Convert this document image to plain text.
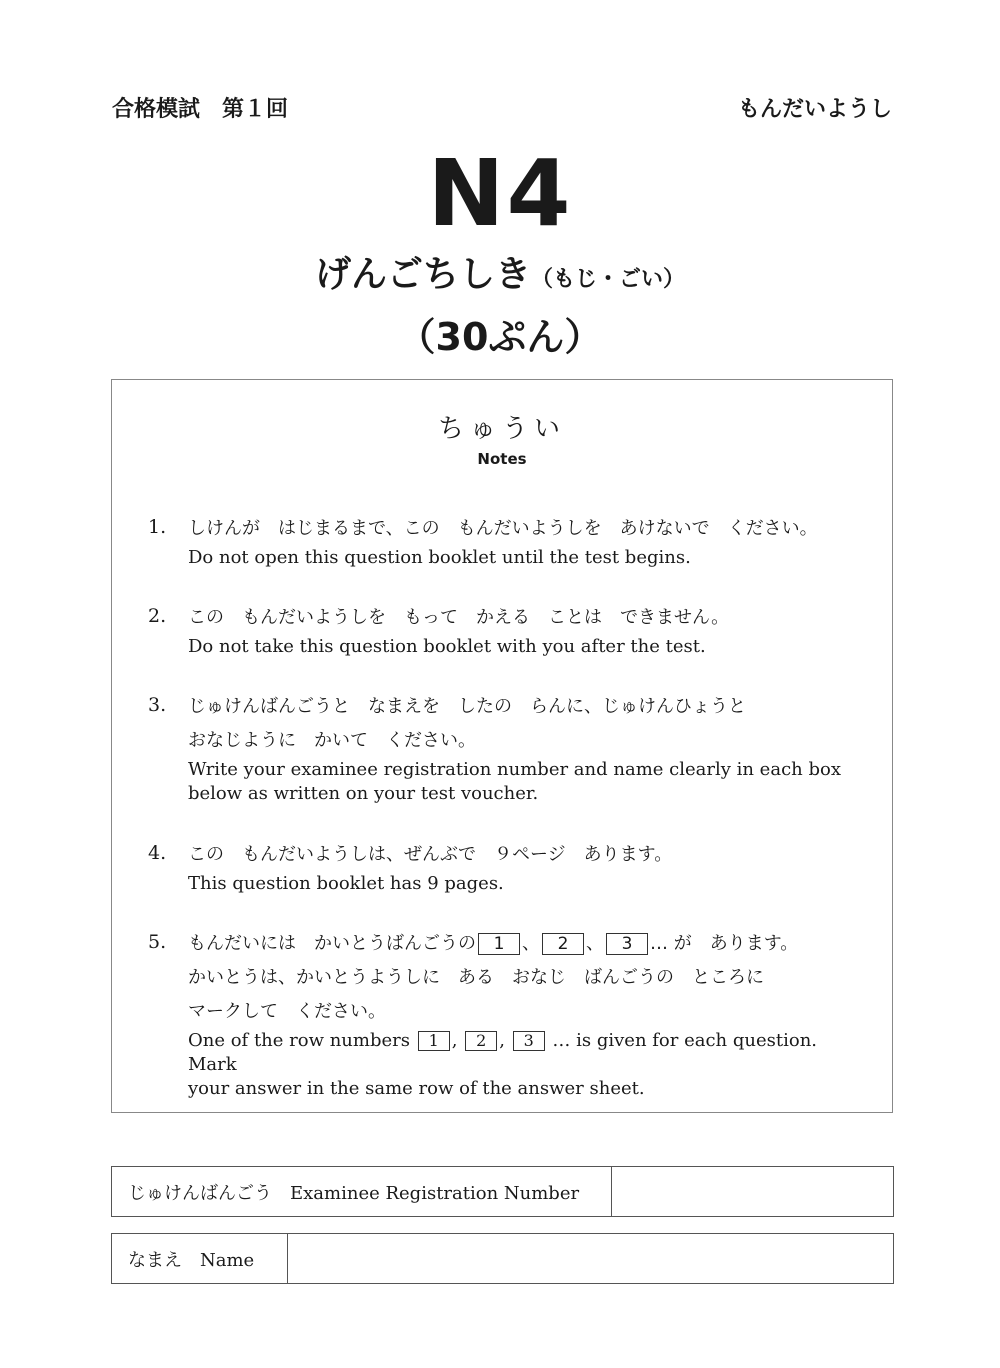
合格模試　第１回	もんだいようし
N4
げんごちしき（もじ・ごい）
（30ぷん）
ちゅうい
Notes
1. しけんが　はじまるまで、この　もんだいようしを　あけないで　ください。

Do not open this question booklet until the test begins.

2. この　もんだいようしを　もって　かえる　ことは　できません。

Do not take this question booklet with you after the test.

3. じゅけんばんごうと　なまえを　したの　らんに、じゅけんひょうと

おなじように　かいて　ください。

Write your examinee registration number and name clearly in each box below as written on your test voucher.

4. この　もんだいようしは、ぜんぶで　９ページ　あります。

This question booklet has 9 pages.

5. もんだいには　かいとうばんごうの 1 、 2 、 3 … が　あります。

かいとうは、かいとうようしに　ある　おなじ　ばんごうの　ところに

マークして　ください。

One of the row numbers 1 , 2 , 3 … is given for each question. Mark

your answer in the same row of the answer sheet.

じゅけんばんごう　Examinee Registration Number
なまえ　Name
